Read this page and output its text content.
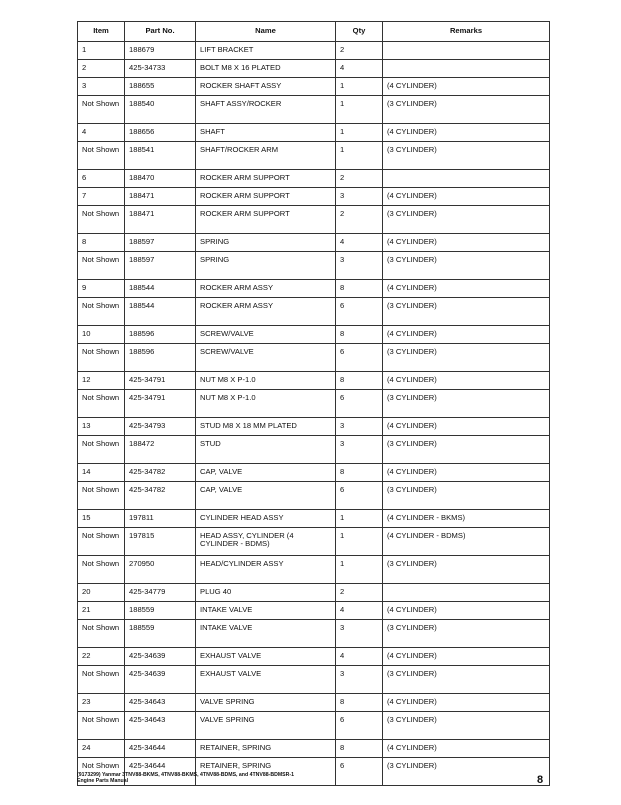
Item	Part No.	Name	Qty	Remarks
1	188679	LIFT BRACKET	2	
2	425-34733	BOLT M8 X 16 PLATED	4	
3	188655	ROCKER SHAFT ASSY	1	(4 CYLINDER)
Not Shown	188540	SHAFT ASSY/ROCKER	1	(3 CYLINDER)
4	188656	SHAFT	1	(4 CYLINDER)
Not Shown	188541	SHAFT/ROCKER ARM	1	(3 CYLINDER)
6	188470	ROCKER ARM SUPPORT	2	
7	188471	ROCKER ARM SUPPORT	3	(4 CYLINDER)
Not Shown	188471	ROCKER ARM SUPPORT	2	(3 CYLINDER)
8	188597	SPRING	4	(4 CYLINDER)
Not Shown	188597	SPRING	3	(3 CYLINDER)
9	188544	ROCKER ARM ASSY	8	(4 CYLINDER)
Not Shown	188544	ROCKER ARM ASSY	6	(3 CYLINDER)
10	188596	SCREW/VALVE	8	(4 CYLINDER)
Not Shown	188596	SCREW/VALVE	6	(3 CYLINDER)
12	425-34791	NUT M8 X P-1.0	8	(4 CYLINDER)
Not Shown	425-34791	NUT M8 X P-1.0	6	(3 CYLINDER)
13	425-34793	STUD M8 X 18 MM PLATED	3	(4 CYLINDER)
Not Shown	188472	STUD	3	(3 CYLINDER)
14	425-34782	CAP, VALVE	8	(4 CYLINDER)
Not Shown	425-34782	CAP, VALVE	6	(3 CYLINDER)
15	197811	CYLINDER HEAD ASSY	1	(4 CYLINDER - BKMS)
Not Shown	197815	HEAD ASSY, CYLINDER (4 CYLINDER - BDMS)	1	(4 CYLINDER - BDMS)
Not Shown	270950	HEAD/CYLINDER ASSY	1	(3 CYLINDER)
20	425-34779	PLUG 40	2	
21	188559	INTAKE VALVE	4	(4 CYLINDER)
Not Shown	188559	INTAKE VALVE	3	(3 CYLINDER)
22	425-34639	EXHAUST VALVE	4	(4 CYLINDER)
Not Shown	425-34639	EXHAUST VALVE	3	(3 CYLINDER)
23	425-34643	VALVE SPRING	8	(4 CYLINDER)
Not Shown	425-34643	VALVE SPRING	6	(3 CYLINDER)
24	425-34644	RETAINER, SPRING	8	(4 CYLINDER)
Not Shown	425-34644	RETAINER, SPRING	6	(3 CYLINDER)
(9173299) Yanmar 3TNV88-BKMS, 4TNV88-BKMS, 4TNV88-BDMS, and 4TNV88-BDMSR-1
Engine Parts Manual	8
